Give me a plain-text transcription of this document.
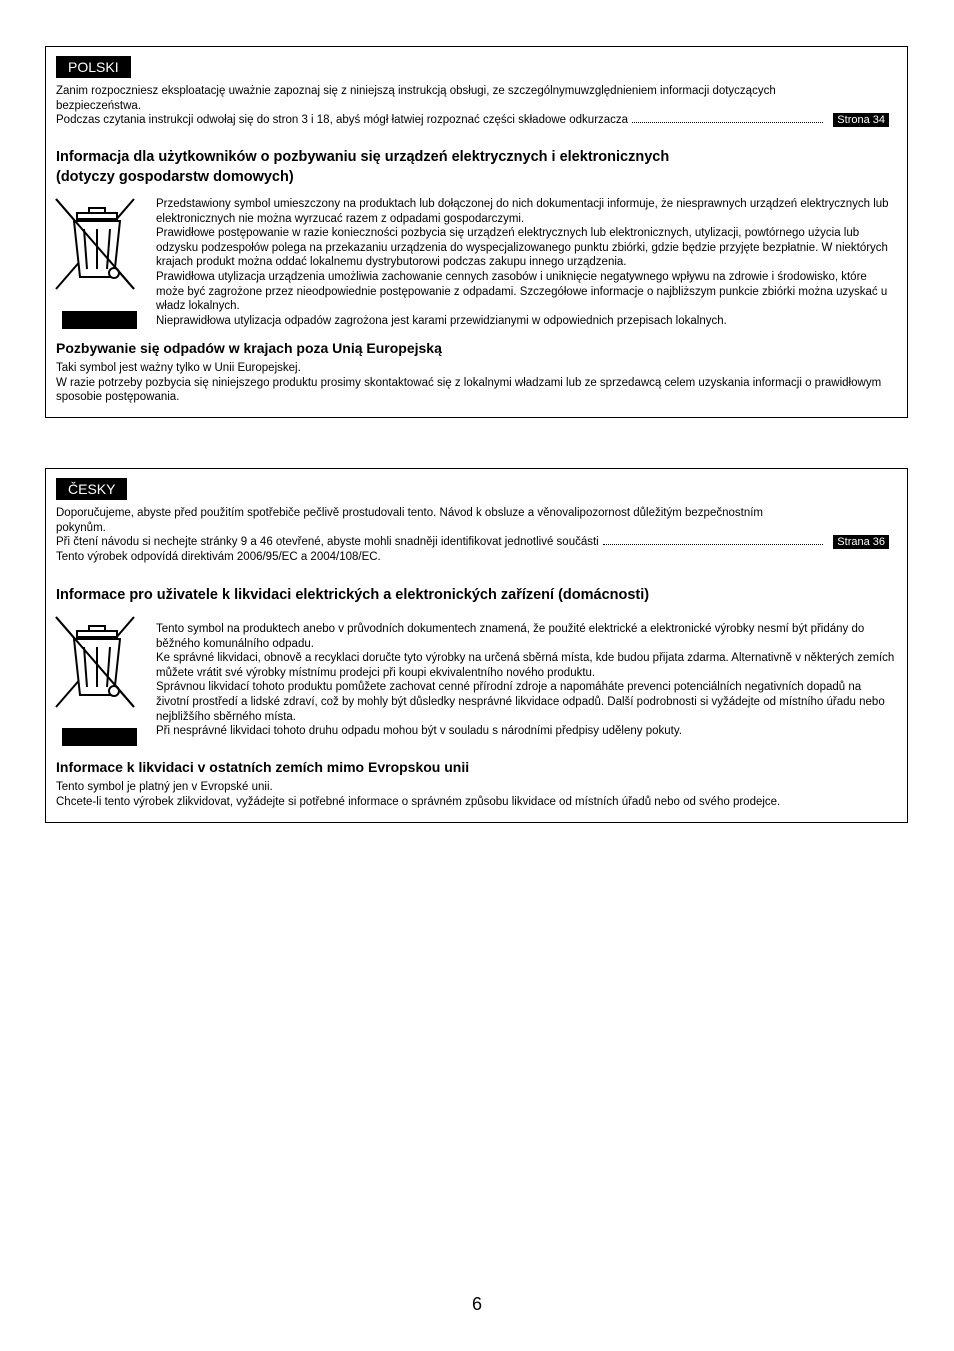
POLSKI

Zanim rozpoczniesz eksploatację uważnie zapoznaj się z niniejszą instrukcją obsługi, ze szczególnymuwzględnieniem informacji dotyczących bezpieczeństwa.

Podczas czytania instrukcji odwołaj się do stron 3 i 18, abyś mógł łatwiej rozpoznać części składowe odkurzacza	Strona 34
Informacja dla użytkowników o pozbywaniu się urządzeń elektrycznych i elektronicznych
(dotyczy gospodarstw domowych)

Przedstawiony symbol umieszczony na produktach lub dołączonej do nich dokumentacji informuje, że niesprawnych urządzeń elektrycznych lub elektronicznych nie można wyrzucać razem z odpadami gospodarczymi.

Prawidłowe postępowanie w razie konieczności pozbycia się urządzeń elektrycznych lub elektronicznych, utylizacji, powtórnego użycia lub odzysku podzespołów polega na przekazaniu urządzenia do wyspecjalizowanego punktu zbiórki, gdzie będzie przyjęte bezpłatnie. W niektórych krajach produkt można oddać lokalnemu dystrybutorowi podczas zakupu innego urządzenia.

Prawidłowa utylizacja urządzenia umożliwia zachowanie cennych zasobów i uniknięcie negatywnego wpływu na zdrowie i środowisko, które może być zagrożone przez nieodpowiednie postępowanie z odpadami. Szczegółowe informacje o najbliższym punkcie zbiórki można uzyskać u władz lokalnych.

Nieprawidłowa utylizacja odpadów zagrożona jest karami przewidzianymi w odpowiednich przepisach lokalnych.

Pozbywanie się odpadów w krajach poza Unią Europejską

Taki symbol jest ważny tylko w Unii Europejskej.

W razie potrzeby pozbycia się niniejszego produktu prosimy skontaktować się z lokalnymi władzami lub ze sprzedawcą celem uzyskania informacji o prawidłowym sposobie postępowania.

ČESKY

Doporučujeme, abyste před použitím spotřebiče pečlivě prostudovali tento. Návod k obsluze a věnovalipozornost důležitým bezpečnostním pokynům.

Při čtení návodu si nechejte stránky 9 a 46 otevřené, abyste mohli snadněji identifikovat jednotlivé součásti	Strana 36
Tento výrobek odpovídá direktivám 2006/95/EC a 2004/108/EC.
Informace pro uživatele k likvidaci elektrických a elektronických zařízení (domácnosti)

Tento symbol na produktech anebo v průvodních dokumentech znamená, že použité elektrické a elektronické výrobky nesmí být přidány do běžného komunálního odpadu.

Ke správné likvidaci, obnově a recyklaci doručte tyto výrobky na určená sběrná místa, kde budou přijata zdarma. Alternativně v některých zemích můžete vrátit své výrobky místnímu prodejci při koupi ekvivalentního nového produktu.

Správnou likvidací tohoto produktu pomůžete zachovat cenné přírodní zdroje a napomáháte prevenci potenciálních negativních dopadů na životní prostředí a lidské zdraví, což by mohly být důsledky nesprávné likvidace odpadů. Další podrobnosti si vyžádejte od místního úřadu nebo nejbližšího sběrného místa.

Při nesprávné likvidaci tohoto druhu odpadu mohou být v souladu s národními předpisy uděleny pokuty.

Informace k likvidaci v ostatních zemích mimo Evropskou unii

Tento symbol je platný jen v Evropské unii.

Chcete-li tento výrobek zlikvidovat, vyžádejte si potřebné informace o správném způsobu likvidace od místních úřadů nebo od svého prodejce.

6
